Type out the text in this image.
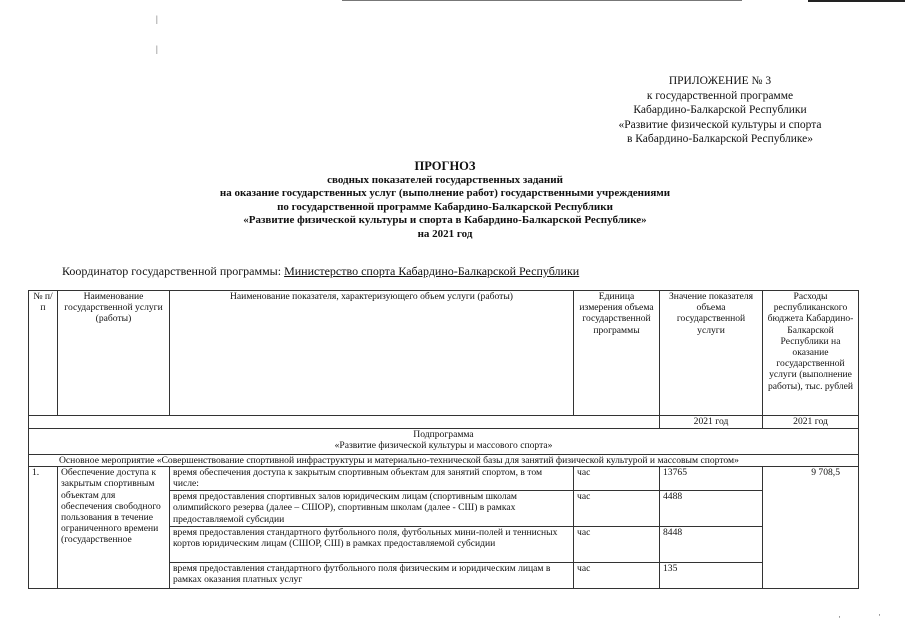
|
|
·	·
ПРИЛОЖЕНИЕ № 3
к государственной программе
Кабардино-Балкарской Республики
«Развитие физической культуры и спорта
в Кабардино-Балкарской Республике»
ПРОГНОЗ
сводных показателей государственных заданий
на оказание государственных услуг (выполнение работ) государственными учреждениями
по государственной программе Кабардино-Балкарской Республики
«Развитие физической культуры и спорта в Кабардино-Балкарской Республике»
на 2021 год
Координатор государственной программы: Министерство спорта Кабардино-Балкарской Республики
№ п/п	Наименование государственной услуги (работы)	Наименование показателя, характеризующего объем услуги (работы)	Единица измерения объема государственной программы	Значение показателя объема государственной услуги	Расходы республиканского бюджета Кабардино-Балкарской Республики на оказание государственной услуги (выполнение работы), тыс. рублей
				2021 год	2021 год

Подпрограмма
«Развитие физической культуры и массового спорта»					

Основное мероприятие «Совершенствование спортивной инфраструктуры и материально-технической базы для занятий физической культурой и массовым спортом»					
1.	Обеспечение доступа к закрытым спортивным объектам для обеспечения свободного пользования в течение ограниченного времени (государственное	время обеспечения доступа к закрытым спортивным объектам для занятий спортом, в том числе:	час	13765	9 708,5
		время предоставления спортивных залов юридическим лицам (спортивным школам олимпийского резерва (далее – СШОР), спортивным школам (далее - СШ) в рамках предоставляемой субсидии	час	4488	
		время предоставления стандартного футбольного поля, футбольных мини-полей и теннисных кортов юридическим лицам (СШОР, СШ) в рамках предоставляемой субсидии	час	8448	
		время предоставления стандартного футбольного поля физическим и юридическим лицам в рамках оказания платных услуг	час	135	
